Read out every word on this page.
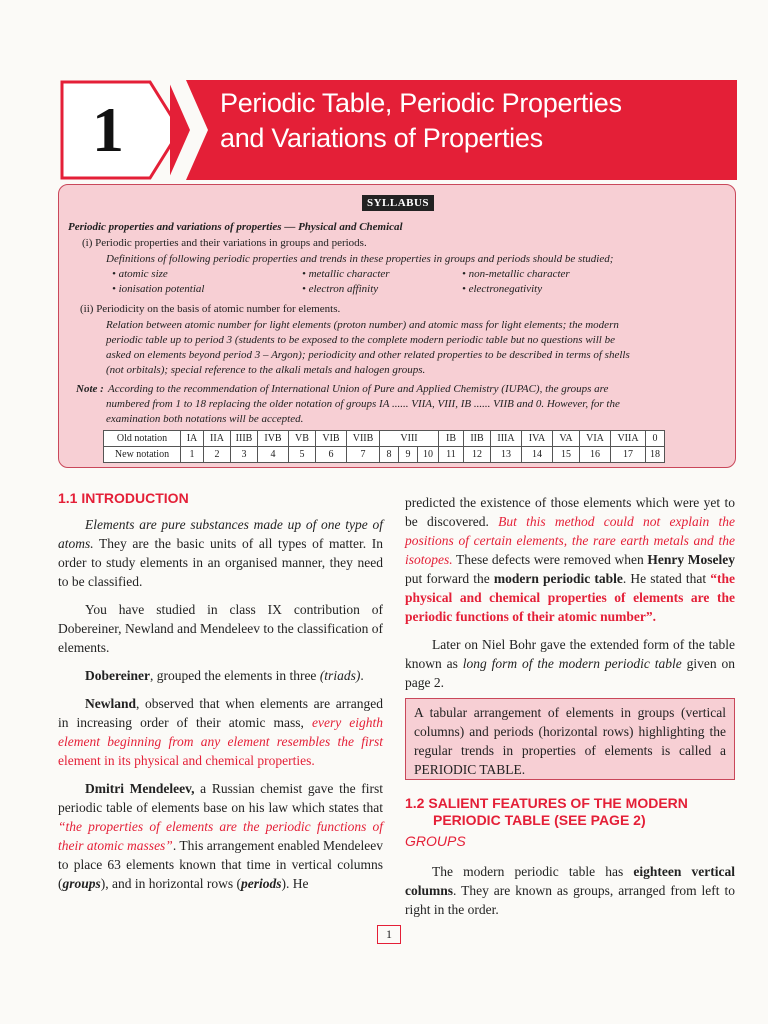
1	Periodic Table, Periodic Properties
and Variations of Properties
SYLLABUS
Periodic properties and variations of properties — Physical and Chemical
(i) Periodic properties and their variations in groups and periods.
Definitions of following periodic properties and trends in these properties in groups and periods should be studied;
• atomic size	• metallic character	• non-metallic character
• ionisation potential	• electron affinity	• electronegativity
(ii) Periodicity on the basis of atomic number for elements.
Relation between atomic number for light elements (proton number) and atomic mass for light elements; the modern
periodic table up to period 3 (students to be exposed to the complete modern periodic table but no questions will be
asked on elements beyond period 3 – Argon); periodicity and other related properties to be described in terms of shells
(not orbitals); special reference to the alkali metals and halogen groups.
Note : According to the recommendation of International Union of Pure and Applied Chemistry (IUPAC), the groups are
numbered from 1 to 18 replacing the older notation of groups IA ...... VIIA, VIII, IB ...... VIIB and 0. However, for the
examination both notations will be accepted.
Old notation	IA	IIA	IIIB	IVB	VB	VIB	VIIB	VIII			IB	IIB	IIIA	IVA	VA	VIA	VIIA	0
New notation	1	2	3	4	5	6	7	8	9	10	11	12	13	14	15	16	17	18
1.1 INTRODUCTION

Elements are pure substances made up of one type of atoms. They are the basic units of all types of matter. In order to study elements in an organised manner, they need to be classified.

You have studied in class IX contribution of Dobereiner, Newland and Mendeleev to the classification of elements.

Dobereiner, grouped the elements in three (triads).

Newland, observed that when elements are arranged in increasing order of their atomic mass, every eighth element beginning from any element resembles the first element in its physical and chemical properties.

Dmitri Mendeleev, a Russian chemist gave the first periodic table of elements base on his law which states that “the properties of elements are the periodic functions of their atomic masses”. This arrangement enabled Mendeleev to place 63 elements known that time in vertical columns (groups), and in horizontal rows (periods). He

predicted the existence of those elements which were yet to be discovered. But this method could not explain the positions of certain elements, the rare earth metals and the isotopes. These defects were removed when Henry Moseley put forward the modern periodic table. He stated that “the physical and chemical properties of elements are the periodic functions of their atomic number”.

Later on Niel Bohr gave the extended form of the table known as long form of the modern periodic table given on page 2.

A tabular arrangement of elements in groups (vertical columns) and periods (horizontal rows) highlighting the regular trends in properties of elements is called a PERIODIC TABLE.
1.2 SALIENT FEATURES OF THE MODERN
PERIODIC TABLE (SEE PAGE 2)
GROUPS

The modern periodic table has eighteen vertical columns. They are known as groups, arranged from left to right in the order.

1
